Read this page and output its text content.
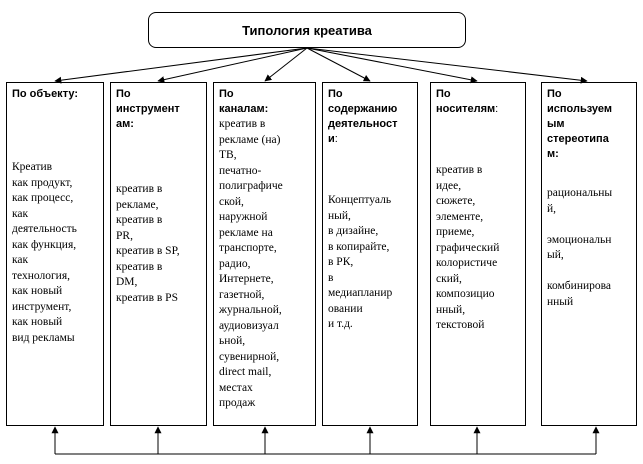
Типология креатива
По объекту:
Креатив
как продукт,
как процесс,
как
деятельность
как функция,
как
технология,
как новый
инструмент,
как новый
вид рекламы
По
инструмент
ам:
креатив в
рекламе,
креатив в
PR,
креатив в SP,
креатив в
DM,
креатив в PS
По
каналам:
креатив в
рекламе (на)
ТВ,
печатно-
полиграфиче
ской,
наружной
рекламе на
транспорте,
радио,
Интернете,
газетной,
журнальной,
аудиовизуал
ьной,
сувенирной,
direct mail,
местах
продаж
По
содержанию
деятельност
и:
Концептуаль
ный,
в дизайне,
в копирайте,
в РК,
в
медиапланир
овании
и т.д.
По
носителям:
креатив в
идее,
сюжете,
элементе,
приеме,
графический
колористиче
ский,
композицио
нный,
текстовой
По
используем
ым
стереотипа
м:
рациональны
й,

эмоциональн
ый,

комбинирова
нный
